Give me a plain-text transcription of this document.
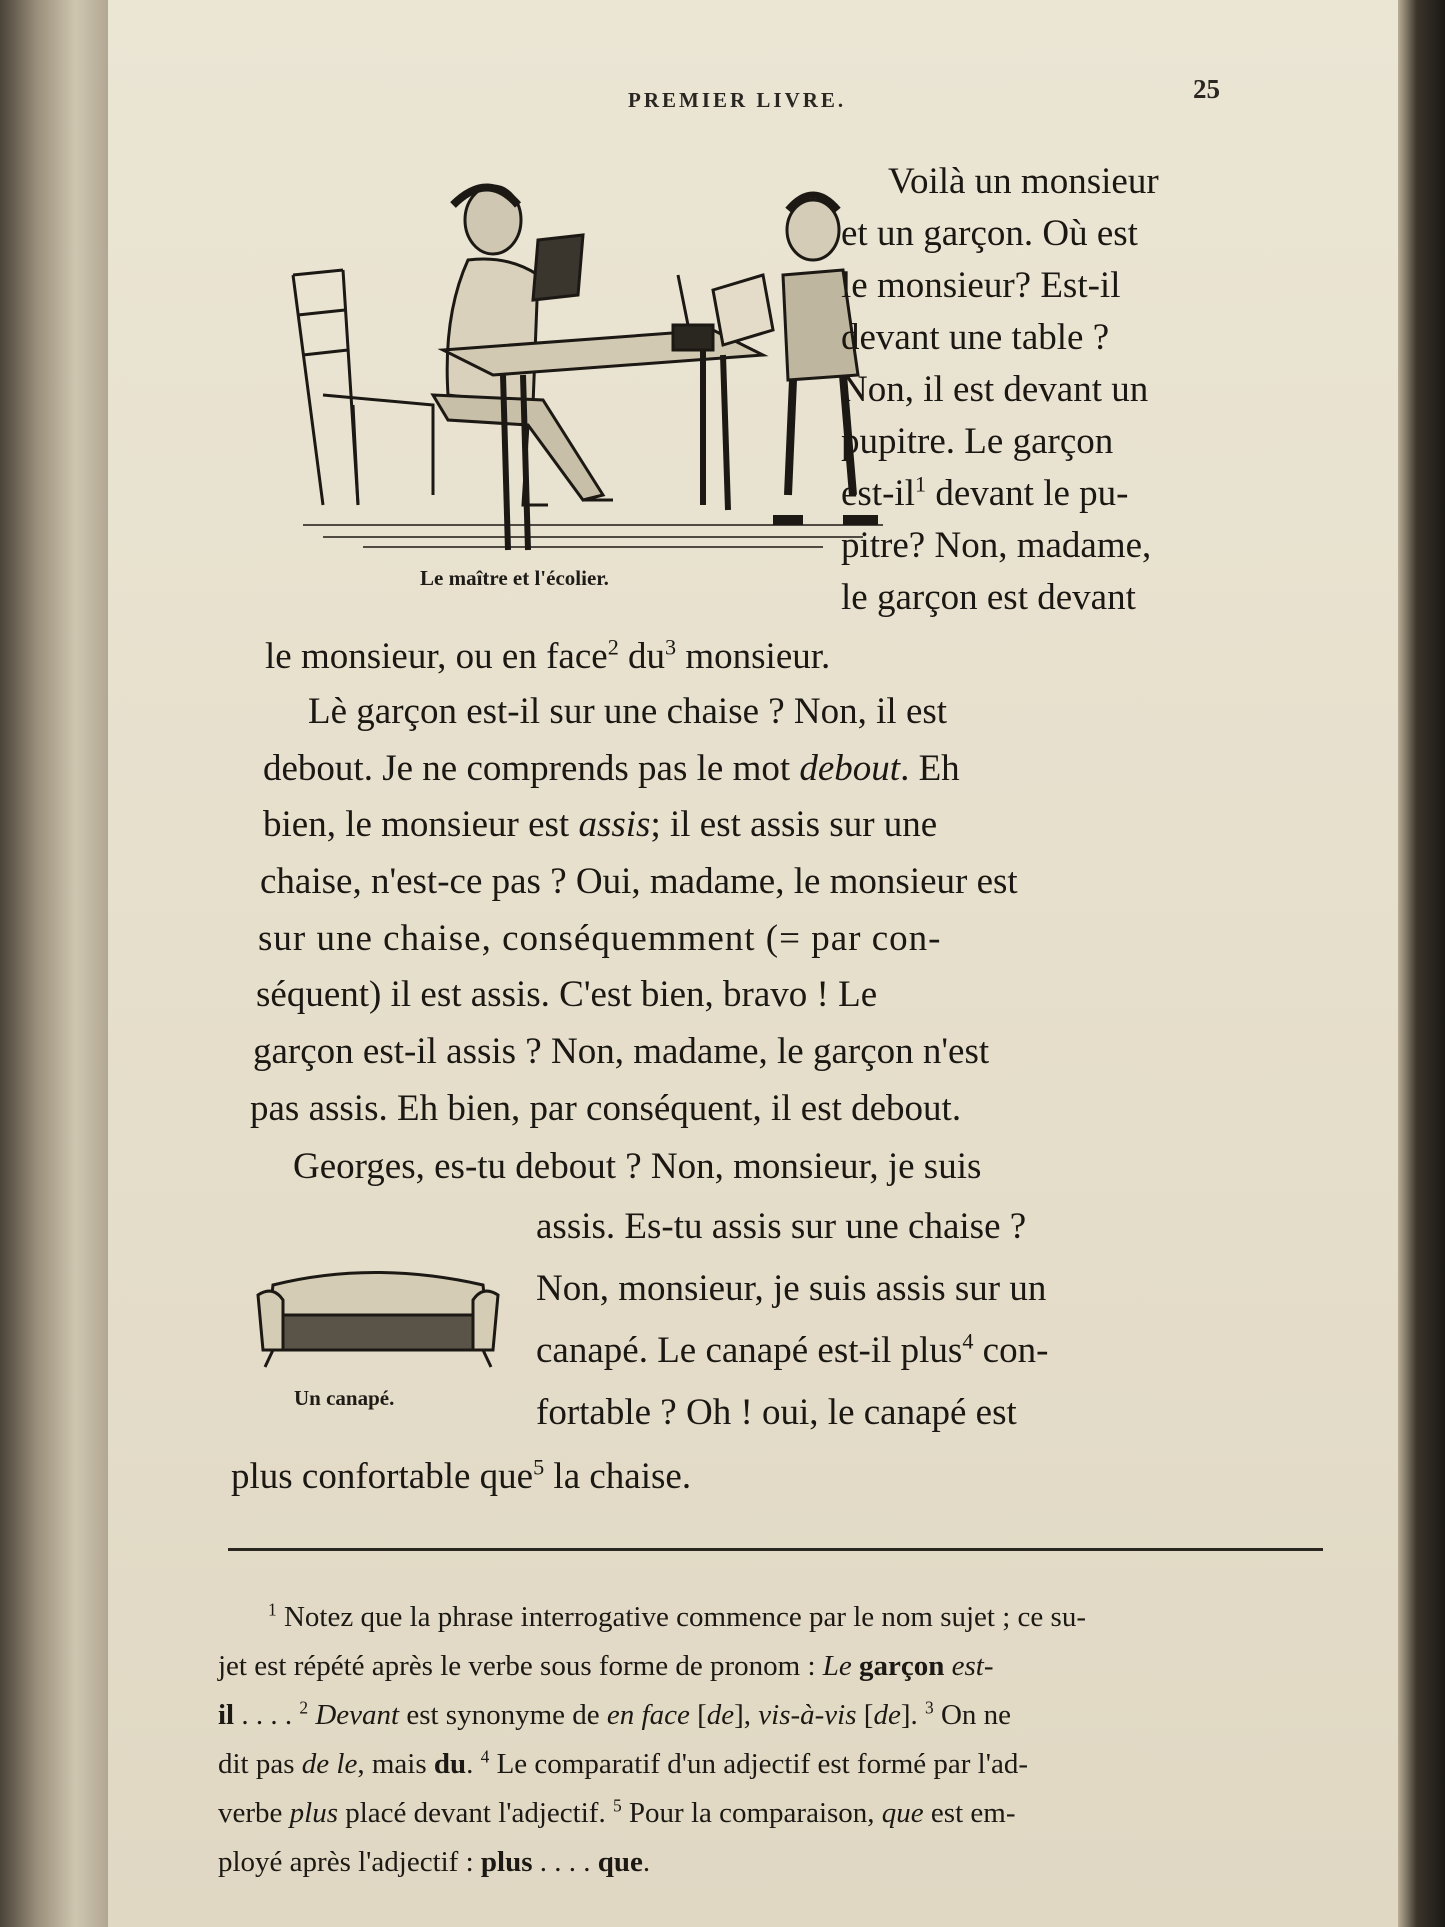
PREMIER LIVRE.	25
Le maître et l'écolier.
Voilà un monsieur
et un garçon. Où est
le monsieur? Est-il
devant une table ?
Non, il est devant un
pupitre. Le garçon
est-$il^1$ devant le pu-
pitre? Non, madame,
le garçon est devant
le monsieur, ou en face$^2$ $du^3$ monsieur.
Lè garçon est-il sur une chaise ? Non, il est
debout. Je ne comprends pas le mot debout. Eh
bien, le monsieur est assis; il est assis sur une
chaise, n'est-ce pas ? Oui, madame, le monsieur est
sur une chaise, conséquemment (= par con-
séquent) il est assis. C'est bien, bravo ! Le
garçon est-il assis ? Non, madame, le garçon n'est
pas assis. Eh bien, par conséquent, il est debout.
Un canapé.
Georges, es-tu debout ? Non, monsieur, je suis
assis. Es-tu assis sur une chaise ?
Non, monsieur, je suis assis sur un
canapé. Le canapé est-il plus$^4$ con-
fortable ? Oh ! oui, le canapé est
plus confortable que$^5$ la chaise.
$^1$ Notez que la phrase interrogative commence par le nom sujet ; ce su-
jet est répété après le verbe sous forme de pronom : Le garçon est-
il . . . . $^2$ Devant est synonyme de en face [de], vis-à-vis [de]. $^3$ On ne
dit pas de le, mais du. $^4$ Le comparatif d'un adjectif est formé par l'ad-
verbe plus placé devant l'adjectif. $^5$ Pour la comparaison, que est em-
ployé après l'adjectif : plus . . . . que.
